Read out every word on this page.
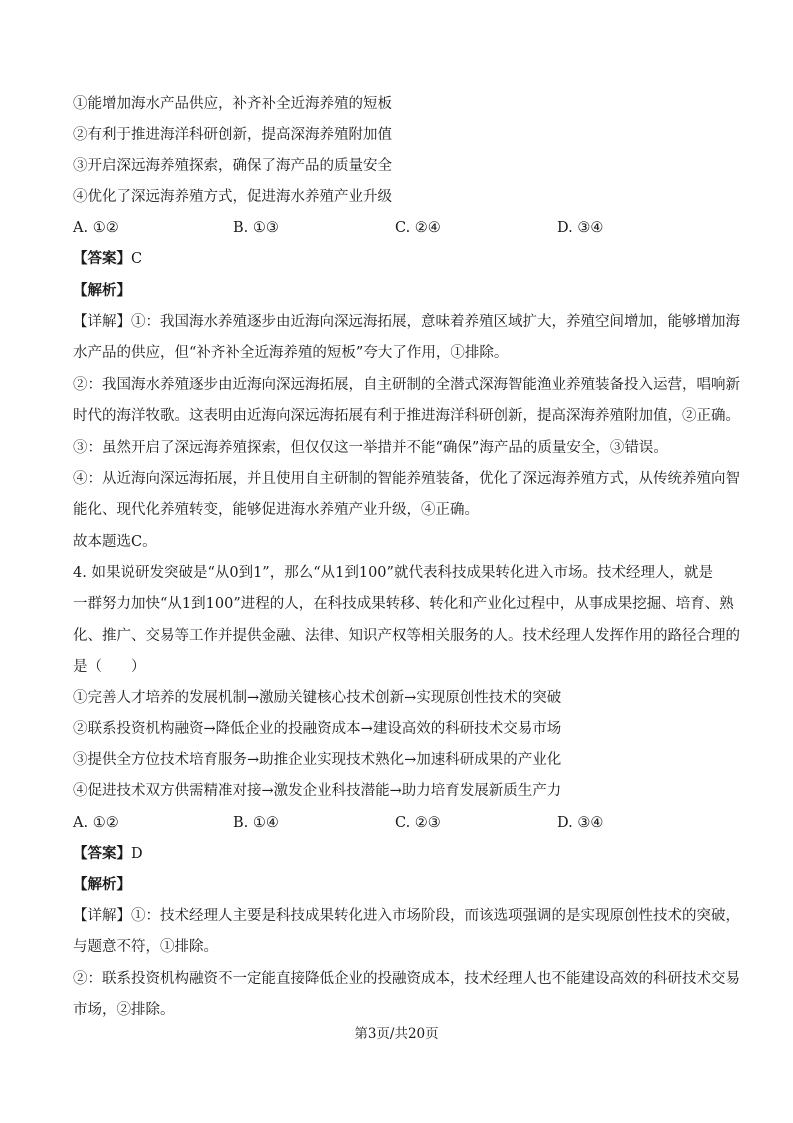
①能增加海水产品供应，补齐补全近海养殖的短板
②有利于推进海洋科研创新，提高深海养殖附加值
③开启深远海养殖探索，确保了海产品的质量安全
④优化了深远海养殖方式，促进海水养殖产业升级
A. ①②	B. ①③	C. ②④	D. ③④
【答案】C
【解析】
【详解】①：我国海水养殖逐步由近海向深远海拓展，意味着养殖区域扩大，养殖空间增加，能够增加海
水产品的供应，但“补齐补全近海养殖的短板”夸大了作用，①排除。
②：我国海水养殖逐步由近海向深远海拓展，自主研制的全潜式深海智能渔业养殖装备投入运营，唱响新
时代的海洋牧歌。这表明由近海向深远海拓展有利于推进海洋科研创新，提高深海养殖附加值，②正确。
③：虽然开启了深远海养殖探索，但仅仅这一举措并不能“确保”海产品的质量安全，③错误。
④：从近海向深远海拓展，并且使用自主研制的智能养殖装备，优化了深远海养殖方式，从传统养殖向智
能化、现代化养殖转变，能够促进海水养殖产业升级，④正确。
故本题选C。
4. 如果说研发突破是“从0到1”，那么“从1到100”就代表科技成果转化进入市场。技术经理人，就是
一群努力加快“从1到100”进程的人，在科技成果转移、转化和产业化过程中，从事成果挖掘、培育、熟
化、推广、交易等工作并提供金融、法律、知识产权等相关服务的人。技术经理人发挥作用的路径合理的
是（　　）
①完善人才培养的发展机制→激励关键核心技术创新→实现原创性技术的突破
②联系投资机构融资→降低企业的投融资成本→建设高效的科研技术交易市场
③提供全方位技术培育服务→助推企业实现技术熟化→加速科研成果的产业化
④促进技术双方供需精准对接→激发企业科技潜能→助力培育发展新质生产力
A. ①②	B. ①④	C. ②③	D. ③④
【答案】D
【解析】
【详解】①：技术经理人主要是科技成果转化进入市场阶段，而该选项强调的是实现原创性技术的突破，
与题意不符，①排除。
②：联系投资机构融资不一定能直接降低企业的投融资成本，技术经理人也不能建设高效的科研技术交易
市场，②排除。
第3页/共20页
